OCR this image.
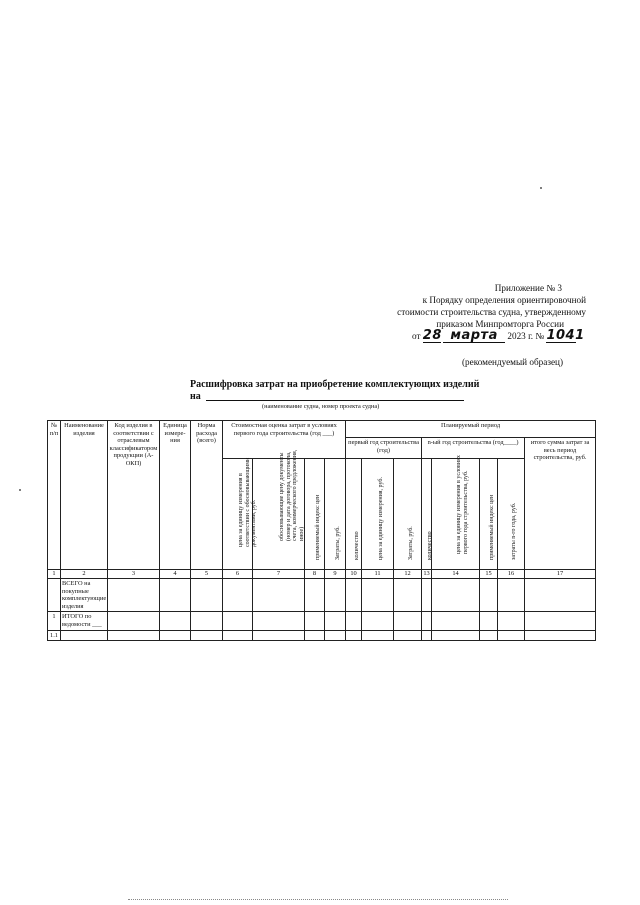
Приложение № 3
к Порядку определения ориентировочной
стоимости строительства судна, утвержденному
приказом Минпромторга России
от 28 марта 2023 г. № 1041
(рекомендуемый образец)
Расшифровка затрат на приобретение комплектующих изделий
на
(наименование судна, номер проекта судна)
№ п/п	Наименование изделия	Код изделия в соответствии с отраслевым классификатором продукции (А-ОКП)	Единица измере- ния	Норма расхода (всего)	Стоимостная оценка затрат в условиях первого года строительства (год ___)				Планируемый период							
									первый год строительства (год)			n-ый год строительства (год____)				итого сумма затрат за весь период строительства, руб.

					цена за единицу измерения в соответствии с обосновывающими документами, руб.	обосновывающие цену документы (номер и дата договора, протокола, счета, коммерческого предложения, иное)	применяемый индекс цен	Затраты, руб.	количество	цена за единицу измерения, руб.	Затраты, руб.	количество	цена за единицу измерения в условиях первого года строительства, руб.	применяемый индекс цен	затраты n-го года, руб.	

1	2	3	4	5	6	7	8	9	10	11	12	13	14	15	16	17
	ВСЕГО на покупные комплектующие изделия															
1	ИТОГО по ведомости ___															
1.1																
